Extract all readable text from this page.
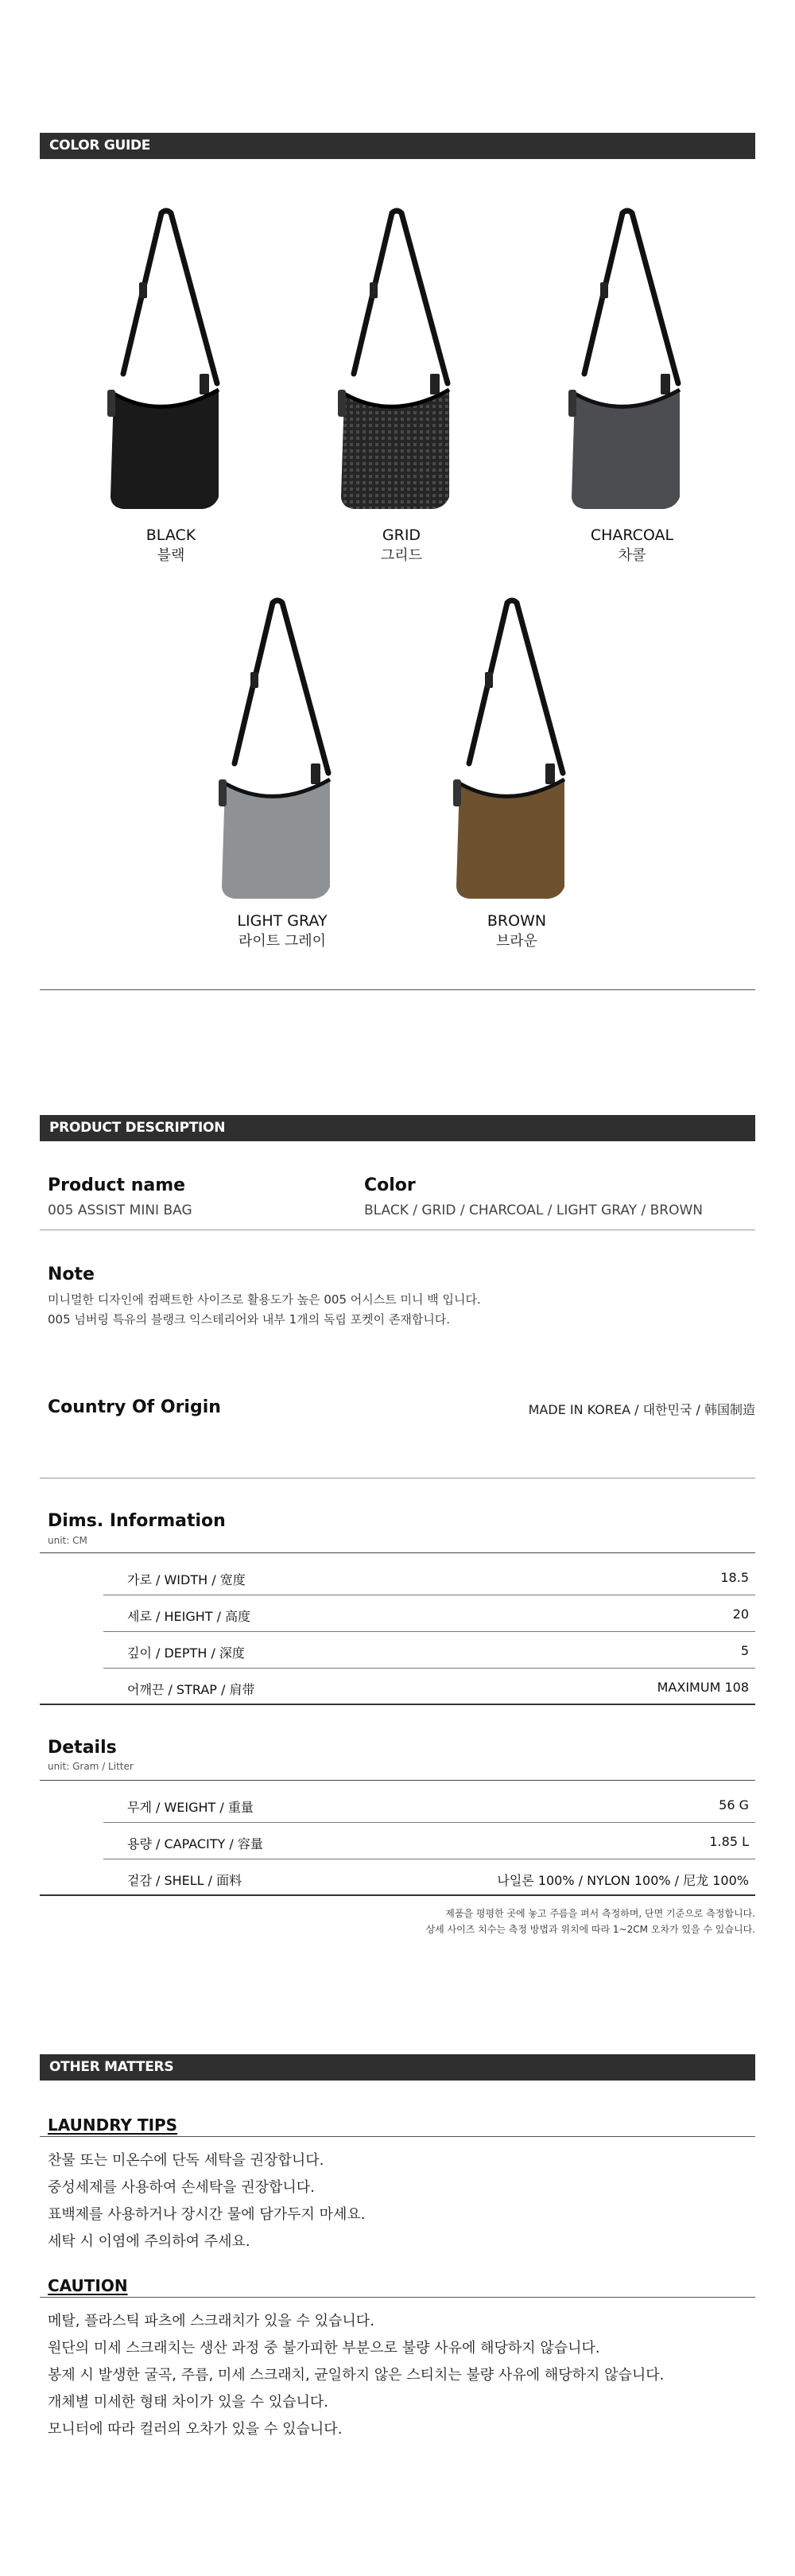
COLOR GUIDE
BLACK
블랙
GRID
그리드
CHARCOAL
차콜
LIGHT GRAY
라이트 그레이
BROWN
브라운
PRODUCT DESCRIPTION
Product name
005 ASSIST MINI BAG
Color
BLACK / GRID / CHARCOAL / LIGHT GRAY / BROWN
Note
미니멀한 디자인에 컴팩트한 사이즈로 활용도가 높은 005 어시스트 미니 백 입니다.
005 넘버링 특유의 블랭크 익스테리어와 내부 1개의 독립 포켓이 존재합니다.
Country Of Origin	MADE IN KOREA / 대한민국 / 韩国制造
Dims. Information
unit: CM
가로 / WIDTH / 宽度	18.5
세로 / HEIGHT / 高度	20
깊이 / DEPTH / 深度	5
어깨끈 / STRAP / 肩带	MAXIMUM 108
Details
unit: Gram / Litter
무게 / WEIGHT / 重量	56 G
용량 / CAPACITY / 容量	1.85 L
겉감 / SHELL / 面料	나일론 100% / NYLON 100% / 尼龙 100%
제품을 평평한 곳에 놓고 주름을 펴서 측정하며, 단면 기준으로 측정합니다.
상세 사이즈 치수는 측정 방법과 위치에 따라 1~2CM 오차가 있을 수 있습니다.
OTHER MATTERS
LAUNDRY TIPS
찬물 또는 미온수에 단독 세탁을 권장합니다.
중성세제를 사용하여 손세탁을 권장합니다.
표백제를 사용하거나 장시간 물에 담가두지 마세요.
세탁 시 이염에 주의하여 주세요.
CAUTION
메탈, 플라스틱 파츠에 스크래치가 있을 수 있습니다.
원단의 미세 스크래치는 생산 과정 중 불가피한 부분으로 불량 사유에 해당하지 않습니다.
봉제 시 발생한 굴곡, 주름, 미세 스크래치, 균일하지 않은 스티치는 불량 사유에 해당하지 않습니다.
개체별 미세한 형태 차이가 있을 수 있습니다.
모니터에 따라 컬러의 오차가 있을 수 있습니다.
